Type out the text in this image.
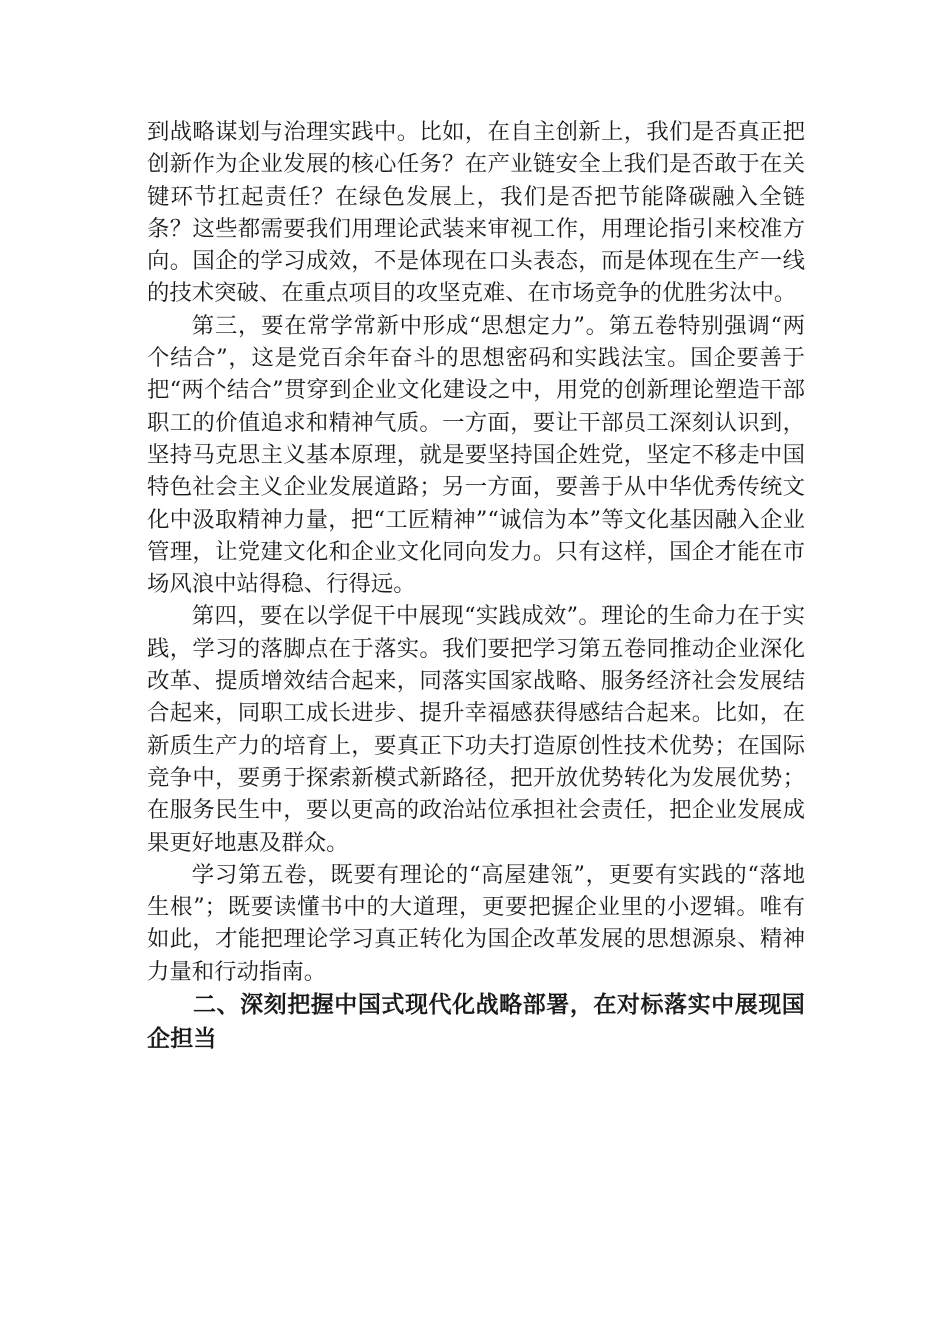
到战略谋划与治理实践中。比如，在自主创新上，我们是否真正把创新作为企业发展的核心任务？在产业链安全上我们是否敢于在关键环节扛起责任？在绿色发展上，我们是否把节能降碳融入全链条？这些都需要我们用理论武装来审视工作，用理论指引来校准方向。国企的学习成效，不是体现在口头表态，而是体现在生产一线的技术突破、在重点项目的攻坚克难、在市场竞争的优胜劣汰中。

第三，要在常学常新中形成“思想定力”。第五卷特别强调“两个结合”，这是党百余年奋斗的思想密码和实践法宝。国企要善于把“两个结合”贯穿到企业文化建设之中，用党的创新理论塑造干部职工的价值追求和精神气质。一方面，要让干部员工深刻认识到，坚持马克思主义基本原理，就是要坚持国企姓党，坚定不移走中国特色社会主义企业发展道路；另一方面，要善于从中华优秀传统文化中汲取精神力量，把“工匠精神”“诚信为本”等文化基因融入企业管理，让党建文化和企业文化同向发力。只有这样，国企才能在市场风浪中站得稳、行得远。

第四，要在以学促干中展现“实践成效”。理论的生命力在于实践，学习的落脚点在于落实。我们要把学习第五卷同推动企业深化改革、提质增效结合起来，同落实国家战略、服务经济社会发展结合起来，同职工成长进步、提升幸福感获得感结合起来。比如，在新质生产力的培育上，要真正下功夫打造原创性技术优势；在国际竞争中，要勇于探索新模式新路径，把开放优势转化为发展优势；在服务民生中，要以更高的政治站位承担社会责任，把企业发展成果更好地惠及群众。

学习第五卷，既要有理论的“高屋建瓴”，更要有实践的“落地生根”；既要读懂书中的大道理，更要把握企业里的小逻辑。唯有如此，才能把理论学习真正转化为国企改革发展的思想源泉、精神力量和行动指南。

二、深刻把握中国式现代化战略部署，在对标落实中展现国企担当
